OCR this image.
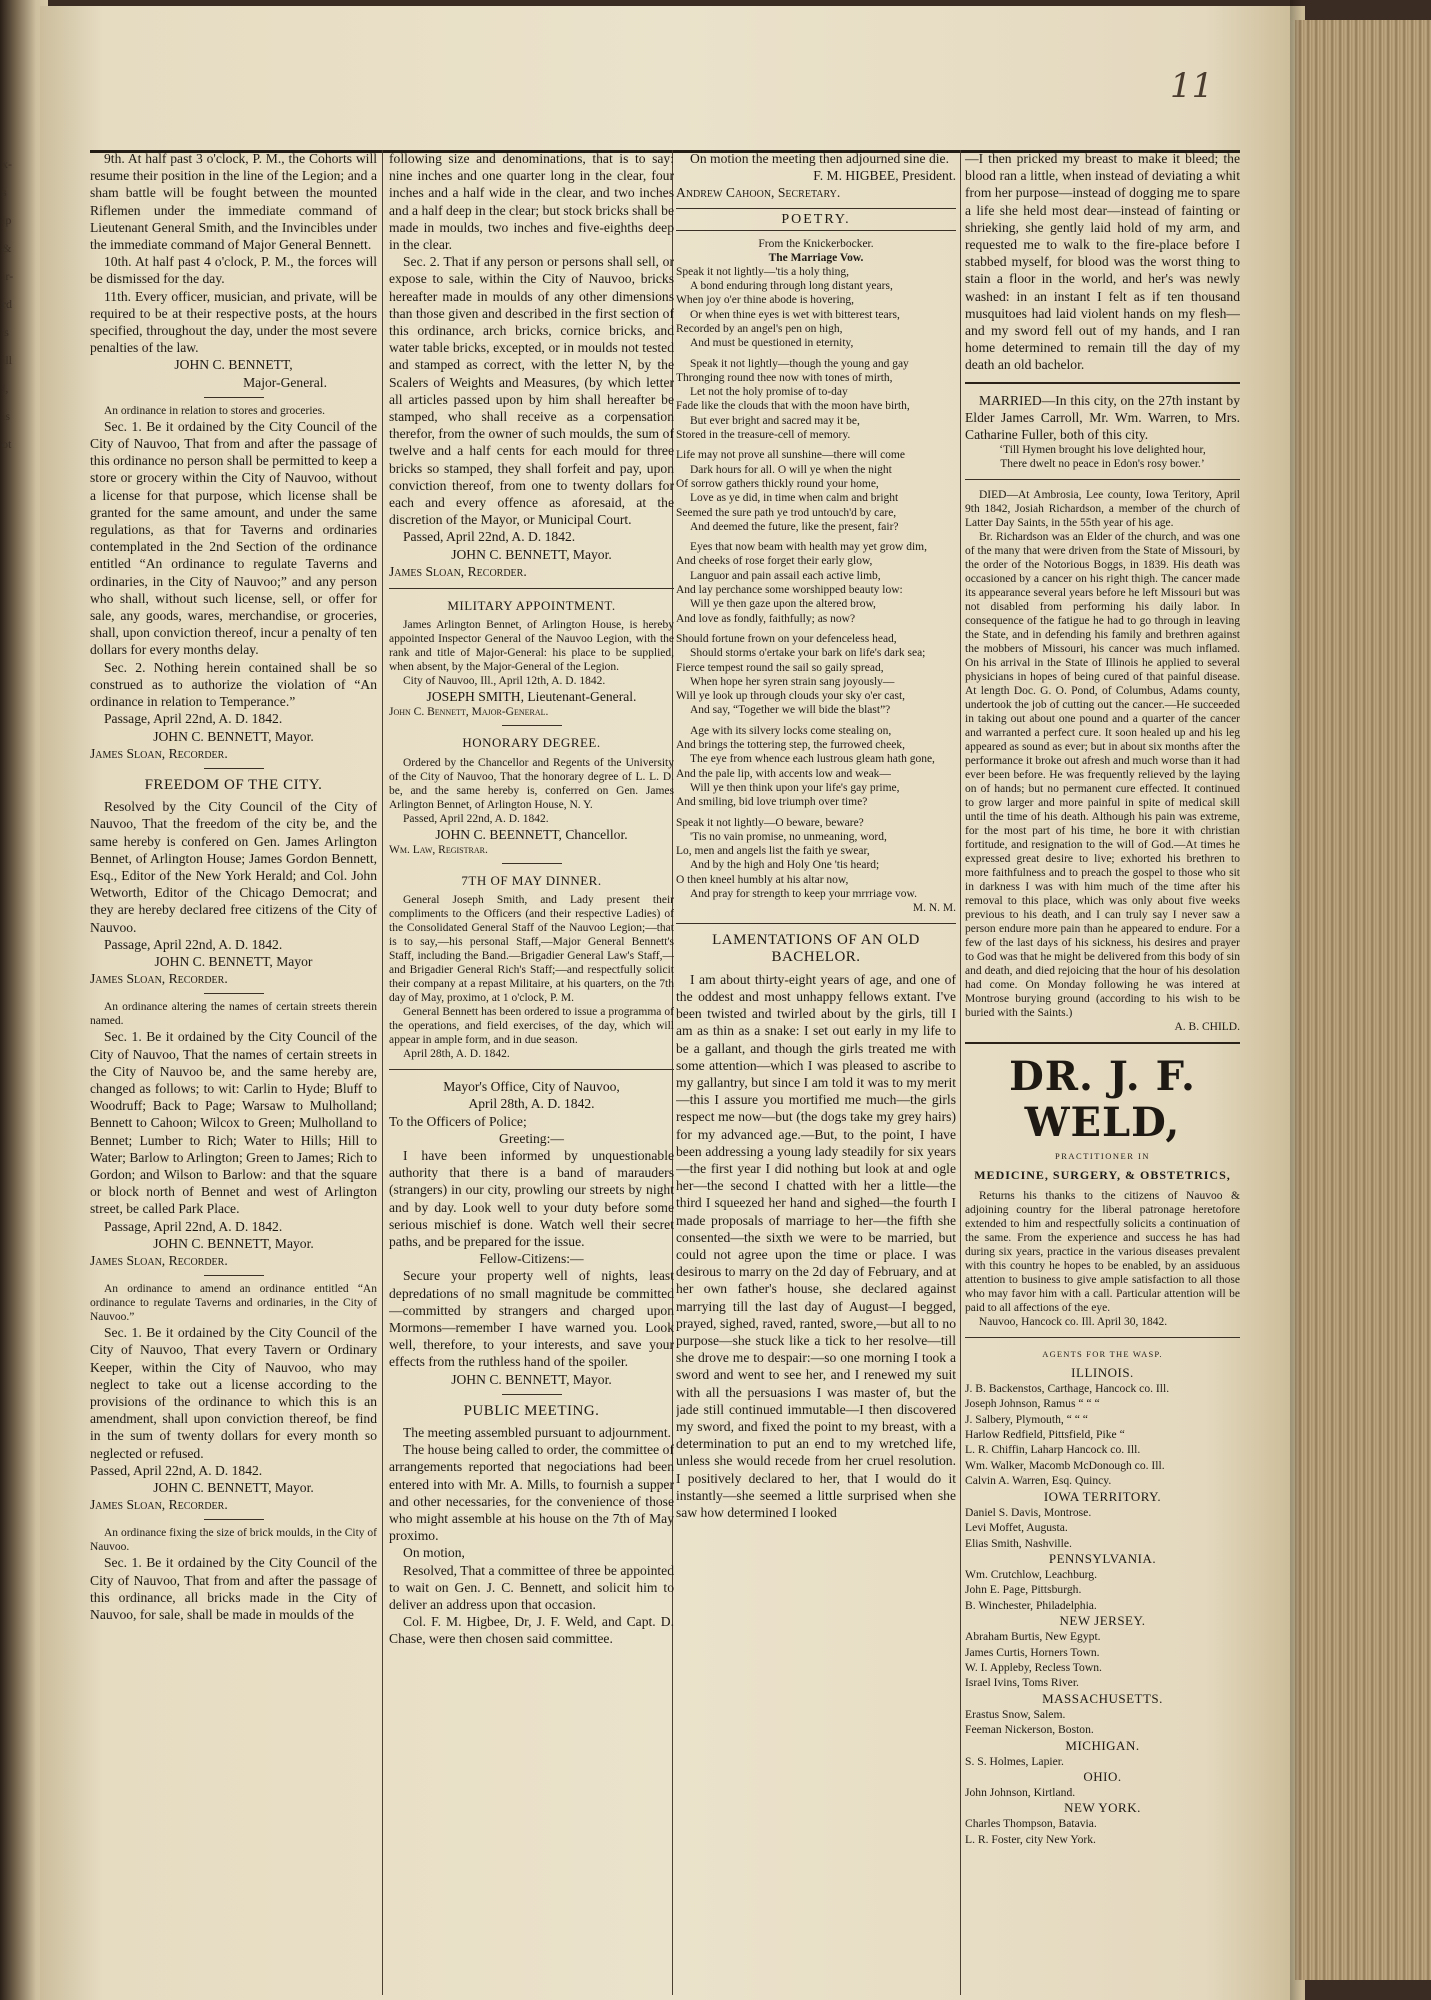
x-
s
ip
&
ir-
rd
's
ill
l,
is
ot
11

9th. At half past 3 o'clock, P. M., the Cohorts will resume their position in the line of the Legion; and a sham battle will be fought between the mounted Riflemen under the immediate command of Lieutenant General Smith, and the Invincibles under the immediate command of Major General Bennett.

10th. At half past 4 o'clock, P. M., the forces will be dismissed for the day.

11th. Every officer, musician, and private, will be required to be at their respective posts, at the hours specified, throughout the day, under the most severe penalties of the law.

JOHN C. BENNETT,

Major-General.

An ordinance in relation to stores and groceries.

Sec. 1. Be it ordained by the City Council of the City of Nauvoo, That from and after the passage of this ordinance no person shall be permitted to keep a store or grocery within the City of Nauvoo, without a license for that purpose, which license shall be granted for the same amount, and under the same regulations, as that for Taverns and ordinaries contemplated in the 2nd Section of the ordinance entitled “An ordinance to regulate Taverns and ordinaries, in the City of Nauvoo;” and any person who shall, without such license, sell, or offer for sale, any goods, wares, merchandise, or groceries, shall, upon conviction thereof, incur a penalty of ten dollars for every months delay.

Sec. 2. Nothing herein contained shall be so construed as to authorize the violation of “An ordinance in relation to Temperance.”

Passage, April 22nd, A. D. 1842.

JOHN C. BENNETT, Mayor.

James Sloan, Recorder.

FREEDOM OF THE CITY.

Resolved by the City Council of the City of Nauvoo, That the freedom of the city be, and the same hereby is confered on Gen. James Arlington Bennet, of Arlington House; James Gordon Bennett, Esq., Editor of the New York Herald; and Col. John Wetworth, Editor of the Chicago Democrat; and they are hereby declared free citizens of the City of Nauvoo.

Passage, April 22nd, A. D. 1842.

JOHN C. BENNETT, Mayor

James Sloan, Recorder.

An ordinance altering the names of certain streets therein named.

Sec. 1. Be it ordained by the City Council of the City of Nauvoo, That the names of certain streets in the City of Nauvoo be, and the same hereby are, changed as follows; to wit: Carlin to Hyde; Bluff to Woodruff; Back to Page; Warsaw to Mulholland; Bennett to Cahoon; Wilcox to Green; Mulholland to Bennet; Lumber to Rich; Water to Hills; Hill to Water; Barlow to Arlington; Green to James; Rich to Gordon; and Wilson to Barlow: and that the square or block north of Bennet and west of Arlington street, be called Park Place.

Passage, April 22nd, A. D. 1842.

JOHN C. BENNETT, Mayor.

James Sloan, Recorder.

An ordinance to amend an ordinance entitled “An ordinance to regulate Taverns and ordinaries, in the City of Nauvoo.”

Sec. 1. Be it ordained by the City Council of the City of Nauvoo, That every Tavern or Ordinary Keeper, within the City of Nauvoo, who may neglect to take out a license according to the provisions of the ordinance to which this is an amendment, shall upon conviction thereof, be find in the sum of twenty dollars for every month so neglected or refused.

Passed, April 22nd, A. D. 1842.

JOHN C. BENNETT, Mayor.

James Sloan, Recorder.

An ordinance fixing the size of brick moulds, in the City of Nauvoo.

Sec. 1. Be it ordained by the City Council of the City of Nauvoo, That from and after the passage of this ordinance, all bricks made in the City of Nauvoo, for sale, shall be made in moulds of the

following size and denominations, that is to say: nine inches and one quarter long in the clear, four inches and a half wide in the clear, and two inches and a half deep in the clear; but stock bricks shall be made in moulds, two inches and five-eighths deep in the clear.

Sec. 2. That if any person or persons shall sell, or expose to sale, within the City of Nauvoo, bricks hereafter made in moulds of any other dimensions than those given and described in the first section of this ordinance, arch bricks, cornice bricks, and water table bricks, excepted, or in moulds not tested and stamped as correct, with the letter N, by the Scalers of Weights and Measures, (by which letter all articles passed upon by him shall hereafter be stamped, who shall receive as a corpensation therefor, from the owner of such moulds, the sum of twelve and a half cents for each mould for three bricks so stamped, they shall forfeit and pay, upon conviction thereof, from one to twenty dollars for each and every offence as aforesaid, at the discretion of the Mayor, or Municipal Court.

Passed, April 22nd, A. D. 1842.

JOHN C. BENNETT, Mayor.

James Sloan, Recorder.

MILITARY APPOINTMENT.

James Arlington Bennet, of Arlington House, is hereby appointed Inspector General of the Nauvoo Legion, with the rank and title of Major-General: his place to be supplied, when absent, by the Major-General of the Legion.

City of Nauvoo, Ill., April 12th, A. D. 1842.

JOSEPH SMITH, Lieutenant-General.

John C. Bennett, Major-General.

HONORARY DEGREE.

Ordered by the Chancellor and Regents of the University of the City of Nauvoo, That the honorary degree of L. L. D. be, and the same hereby is, conferred on Gen. James Arlington Bennet, of Arlington House, N. Y.

Passed, April 22nd, A. D. 1842.

JOHN C. BEENNETT, Chancellor.

Wm. Law, Registrar.

7TH OF MAY DINNER.

General Joseph Smith, and Lady present their compliments to the Officers (and their respective Ladies) of the Consolidated General Staff of the Nauvoo Legion;—that is to say,—his personal Staff,—Major General Bennett's Staff, including the Band.—Brigadier General Law's Staff,—and Brigadier General Rich's Staff;—and respectfully solicit their company at a repast Militaire, at his quarters, on the 7th day of May, proximo, at 1 o'clock, P. M.

General Bennett has been ordered to issue a programma of the operations, and field exercises, of the day, which will appear in ample form, and in due season.

April 28th, A. D. 1842.

Mayor's Office, City of Nauvoo,

April 28th, A. D. 1842.

To the Officers of Police;

Greeting:—

I have been informed by unquestionable authority that there is a band of marauders (strangers) in our city, prowling our streets by night and by day. Look well to your duty before some serious mischief is done. Watch well their secret paths, and be prepared for the issue.

Fellow-Citizens:—

Secure your property well of nights, least depredations of no small magnitude be committed—committed by strangers and charged upon Mormons—remember I have warned you. Look well, therefore, to your interests, and save your effects from the ruthless hand of the spoiler.

JOHN C. BENNETT, Mayor.

PUBLIC MEETING.

The meeting assembled pursuant to adjournment.

The house being called to order, the committee of arrangements reported that negociations had been entered into with Mr. A. Mills, to fournish a supper and other necessaries, for the convenience of those who might assemble at his house on the 7th of May proximo.

On motion,

Resolved, That a committee of three be appointed to wait on Gen. J. C. Bennett, and solicit him to deliver an address upon that occasion.

Col. F. M. Higbee, Dr, J. F. Weld, and Capt. D. Chase, were then chosen said committee.

On motion the meeting then adjourned sine die.

F. M. HIGBEE, President.

Andrew Cahoon, Secretary.

POETRY.

From the Knickerbocker.

The Marriage Vow.

Speak it not lightly—'tis a holy thing,
A bond enduring through long distant years,
When joy o'er thine abode is hovering,
Or when thine eyes is wet with bitterest tears,
Recorded by an angel's pen on high,
And must be questioned in eternity,
Speak it not lightly—though the young and gay
Thronging round thee now with tones of mirth,
Let not the holy promise of to-day
Fade like the clouds that with the moon have birth,
But ever bright and sacred may it be,
Stored in the treasure-cell of memory.
Life may not prove all sunshine—there will come
Dark hours for all. O will ye when the night
Of sorrow gathers thickly round your home,
Love as ye did, in time when calm and bright
Seemed the sure path ye trod untouch'd by care,
And deemed the future, like the present, fair?
Eyes that now beam with health may yet grow dim,
And cheeks of rose forget their early glow,
Languor and pain assail each active limb,
And lay perchance some worshipped beauty low:
Will ye then gaze upon the altered brow,
And love as fondly, faithfully; as now?
Should fortune frown on your defenceless head,
Should storms o'ertake your bark on life's dark sea;
Fierce tempest round the sail so gaily spread,
When hope her syren strain sang joyously—
Will ye look up through clouds your sky o'er cast,
And say, “Together we will bide the blast”?
Age with its silvery locks come stealing on,
And brings the tottering step, the furrowed cheek,
The eye from whence each lustrous gleam hath gone,
And the pale lip, with accents low and weak—
Will ye then think upon your life's gay prime,
And smiling, bid love triumph over time?
Speak it not lightly—O beware, beware?
'Tis no vain promise, no unmeaning, word,
Lo, men and angels list the faith ye swear,
And by the high and Holy One 'tis heard;
O then kneel humbly at his altar now,
And pray for strength to keep your mrrriage vow.

M. N. M.

LAMENTATIONS OF AN OLD BACHELOR.

I am about thirty-eight years of age, and one of the oddest and most unhappy fellows extant. I've been twisted and twirled about by the girls, till I am as thin as a snake: I set out early in my life to be a gallant, and though the girls treated me with some attention—which I was pleased to ascribe to my gallantry, but since I am told it was to my merit—this I assure you mortified me much—the girls respect me now—but (the dogs take my grey hairs) for my advanced age.—But, to the point, I have been addressing a young lady steadily for six years—the first year I did nothing but look at and ogle her—the second I chatted with her a little—the third I squeezed her hand and sighed—the fourth I made proposals of marriage to her—the fifth she consented—the sixth we were to be married, but could not agree upon the time or place. I was desirous to marry on the 2d day of February, and at her own father's house, she declared against marrying till the last day of August—I begged, prayed, sighed, raved, ranted, swore,—but all to no purpose—she stuck like a tick to her resolve—till she drove me to despair:—so one morning I took a sword and went to see her, and I renewed my suit with all the persuasions I was master of, but the jade still continued immutable—I then discovered my sword, and fixed the point to my breast, with a determination to put an end to my wretched life, unless she would recede from her cruel resolution. I positively declared to her, that I would do it instantly—she seemed a little surprised when she saw how determined I looked

—I then pricked my breast to make it bleed; the blood ran a little, when instead of deviating a whit from her purpose—instead of dogging me to spare a life she held most dear—instead of fainting or shrieking, she gently laid hold of my arm, and requested me to walk to the fire-place before I stabbed myself, for blood was the worst thing to stain a floor in the world, and her's was newly washed: in an instant I felt as if ten thousand musquitoes had laid violent hands on my flesh—and my sword fell out of my hands, and I ran home determined to remain till the day of my death an old bachelor.

MARRIED—In this city, on the 27th instant by Elder James Carroll, Mr. Wm. Warren, to Mrs. Catharine Fuller, both of this city.

‘Till Hymen brought his love delighted hour,

There dwelt no peace in Edon's rosy bower.’

DIED—At Ambrosia, Lee county, Iowa Teritory, April 9th 1842, Josiah Richardson, a member of the church of Latter Day Saints, in the 55th year of his age.

Br. Richardson was an Elder of the church, and was one of the many that were driven from the State of Missouri, by the order of the Notorious Boggs, in 1839. His death was occasioned by a cancer on his right thigh. The cancer made its appearance several years before he left Missouri but was not disabled from performing his daily labor. In consequence of the fatigue he had to go through in leaving the State, and in defending his family and brethren against the mobbers of Missouri, his cancer was much inflamed. On his arrival in the State of Illinois he applied to several physicians in hopes of being cured of that painful disease. At length Doc. G. O. Pond, of Columbus, Adams county, undertook the job of cutting out the cancer.—He succeeded in taking out about one pound and a quarter of the cancer and warranted a perfect cure. It soon healed up and his leg appeared as sound as ever; but in about six months after the performance it broke out afresh and much worse than it had ever been before. He was frequently relieved by the laying on of hands; but no permanent cure effected. It continued to grow larger and more painful in spite of medical skill until the time of his death. Although his pain was extreme, for the most part of his time, he bore it with christian fortitude, and resignation to the will of God.—At times he expressed great desire to live; exhorted his brethren to more faithfulness and to preach the gospel to those who sit in darkness I was with him much of the time after his removal to this place, which was only about five weeks previous to his death, and I can truly say I never saw a person endure more pain than he appeared to endure. For a few of the last days of his sickness, his desires and prayer to God was that he might be delivered from this body of sin and death, and died rejoicing that the hour of his desolation had come. On Monday following he was intered at Montrose burying ground (according to his wish to be buried with the Saints.)

A. B. CHILD.

DR. J. F. WELD,
PRACTITIONER IN
MEDICINE, SURGERY, & OBSTETRICS,

Returns his thanks to the citizens of Nauvoo & adjoining country for the liberal patronage heretofore extended to him and respectfully solicits a continuation of the same. From the experience and success he has had during six years, practice in the various diseases prevalent with this country he hopes to be enabled, by an assiduous attention to business to give ample satisfaction to all those who may favor him with a call. Particular attention will be paid to all affections of the eye.

Nauvoo, Hancock co. Ill. April 30, 1842.

AGENTS FOR THE WASP.
ILLINOIS.
J. B. Backenstos, Carthage, Hancock co. Ill.
Joseph Johnson, Ramus “ “ “
J. Salbery, Plymouth, “ “ “
Harlow Redfield, Pittsfield, Pike “
L. R. Chiffin, Laharp Hancock co. Ill.
Wm. Walker, Macomb McDonough co. Ill.
Calvin A. Warren, Esq. Quincy.
IOWA TERRITORY.
Daniel S. Davis, Montrose.
Levi Moffet, Augusta.
Elias Smith, Nashville.
PENNSYLVANIA.
Wm. Crutchlow, Leachburg.
John E. Page, Pittsburgh.
B. Winchester, Philadelphia.
NEW JERSEY.
Abraham Burtis, New Egypt.
James Curtis, Horners Town.
W. I. Appleby, Recless Town.
Israel Ivins, Toms River.
MASSACHUSETTS.
Erastus Snow, Salem.
Feeman Nickerson, Boston.
MICHIGAN.
S. S. Holmes, Lapier.
OHIO.
John Johnson, Kirtland.
NEW YORK.
Charles Thompson, Batavia.
L. R. Foster, city New York.
